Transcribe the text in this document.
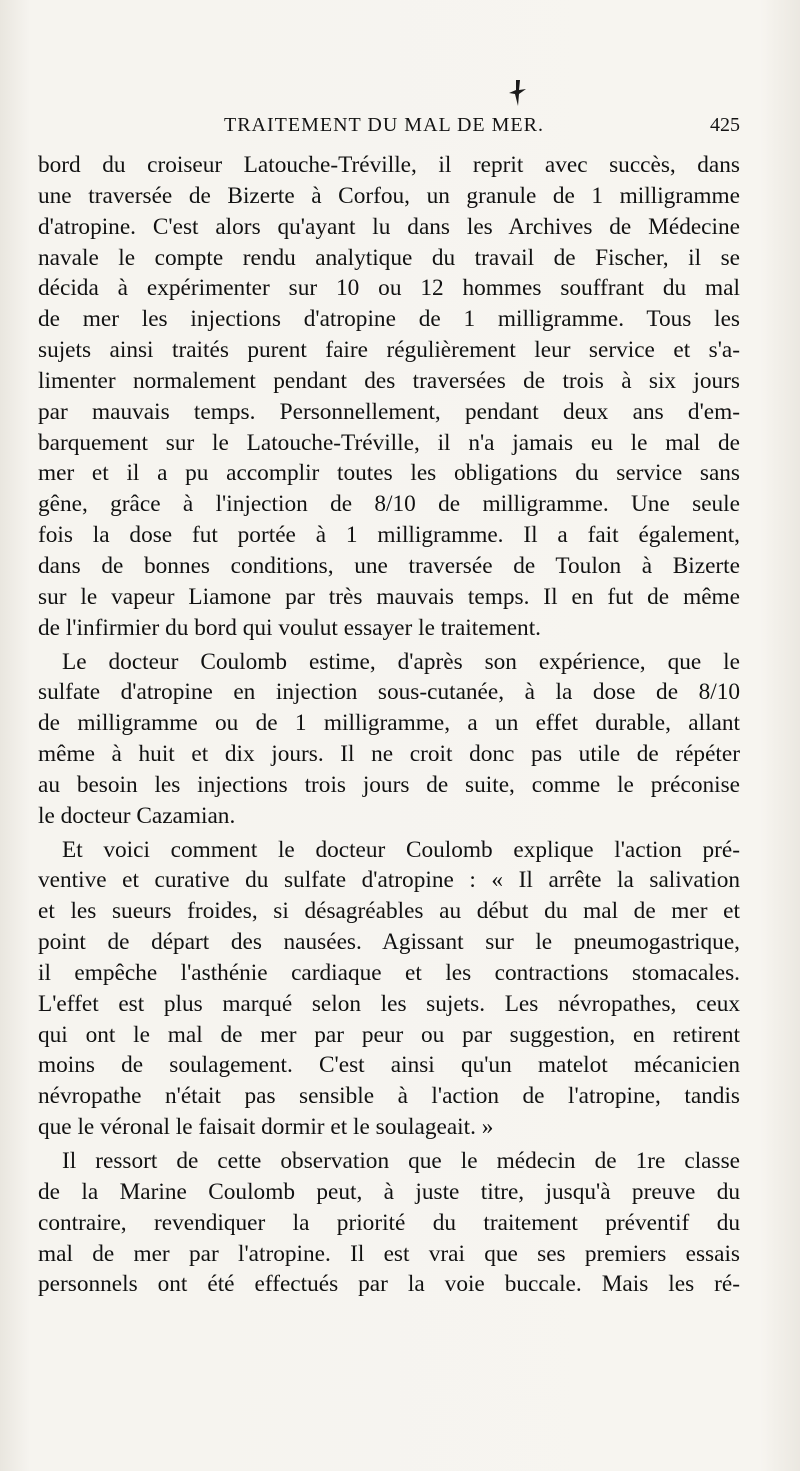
TRAITEMENT DU MAL DE MER.	425
bord du croiseur Latouche-Tréville, il reprit avec succès, dans
une traversée de Bizerte à Corfou, un granule de 1 milligramme
d'atropine. C'est alors qu'ayant lu dans les Archives de Médecine
navale le compte rendu analytique du travail de Fischer, il se
décida à expérimenter sur 10 ou 12 hommes souffrant du mal
de mer les injections d'atropine de 1 milligramme. Tous les
sujets ainsi traités purent faire régulièrement leur service et s'a-
limenter normalement pendant des traversées de trois à six jours
par mauvais temps. Personnellement, pendant deux ans d'em-
barquement sur le Latouche-Tréville, il n'a jamais eu le mal de
mer et il a pu accomplir toutes les obligations du service sans
gêne, grâce à l'injection de 8/10 de milligramme. Une seule
fois la dose fut portée à 1 milligramme. Il a fait également,
dans de bonnes conditions, une traversée de Toulon à Bizerte
sur le vapeur Liamone par très mauvais temps. Il en fut de même
de l'infirmier du bord qui voulut essayer le traitement.
Le docteur Coulomb estime, d'après son expérience, que le
sulfate d'atropine en injection sous-cutanée, à la dose de 8/10
de milligramme ou de 1 milligramme, a un effet durable, allant
même à huit et dix jours. Il ne croit donc pas utile de répéter
au besoin les injections trois jours de suite, comme le préconise
le docteur Cazamian.
Et voici comment le docteur Coulomb explique l'action pré-
ventive et curative du sulfate d'atropine : « Il arrête la salivation
et les sueurs froides, si désagréables au début du mal de mer et
point de départ des nausées. Agissant sur le pneumogastrique,
il empêche l'asthénie cardiaque et les contractions stomacales.
L'effet est plus marqué selon les sujets. Les névropathes, ceux
qui ont le mal de mer par peur ou par suggestion, en retirent
moins de soulagement. C'est ainsi qu'un matelot mécanicien
névropathe n'était pas sensible à l'action de l'atropine, tandis
que le véronal le faisait dormir et le soulageait. »
Il ressort de cette observation que le médecin de 1re classe
de la Marine Coulomb peut, à juste titre, jusqu'à preuve du
contraire, revendiquer la priorité du traitement préventif du
mal de mer par l'atropine. Il est vrai que ses premiers essais
personnels ont été effectués par la voie buccale. Mais les ré-
